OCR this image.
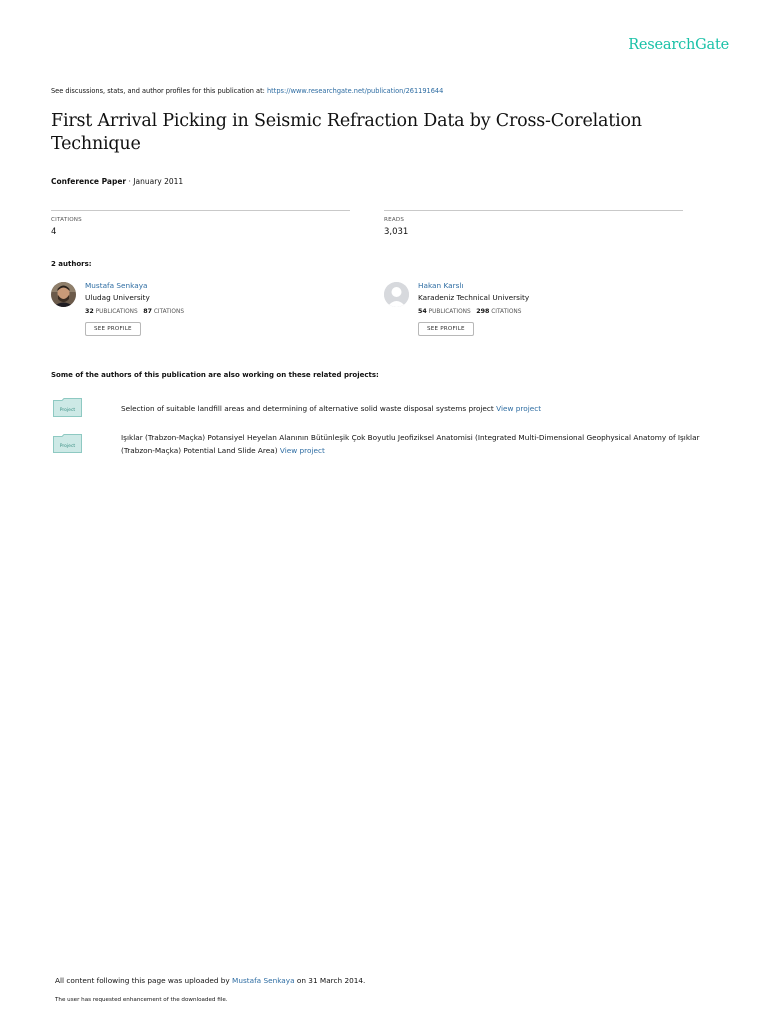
ResearchGate
See discussions, stats, and author profiles for this publication at: https://www.researchgate.net/publication/261191644
First Arrival Picking in Seismic Refraction Data by Cross-Corelation Technique
Conference Paper · January 2011
CITATIONS
4
READS
3,031
2 authors:
Mustafa Senkaya
Uludag University
32 PUBLICATIONS 87 CITATIONS
SEE PROFILE
Hakan Karslı
Karadeniz Technical University
54 PUBLICATIONS 298 CITATIONS
SEE PROFILE
Some of the authors of this publication are also working on these related projects:
Project	Selection of suitable landfill areas and determining of alternative solid waste disposal systems project View project
Project
Işıklar (Trabzon-Maçka) Potansiyel Heyelan Alanının Bütünleşik Çok Boyutlu Jeofiziksel Anatomisi (Integrated Multi-Dimensional Geophysical Anatomy of Işıklar (Trabzon-Maçka) Potential Land Slide Area) View project
All content following this page was uploaded by Mustafa Senkaya on 31 March 2014.
The user has requested enhancement of the downloaded file.
